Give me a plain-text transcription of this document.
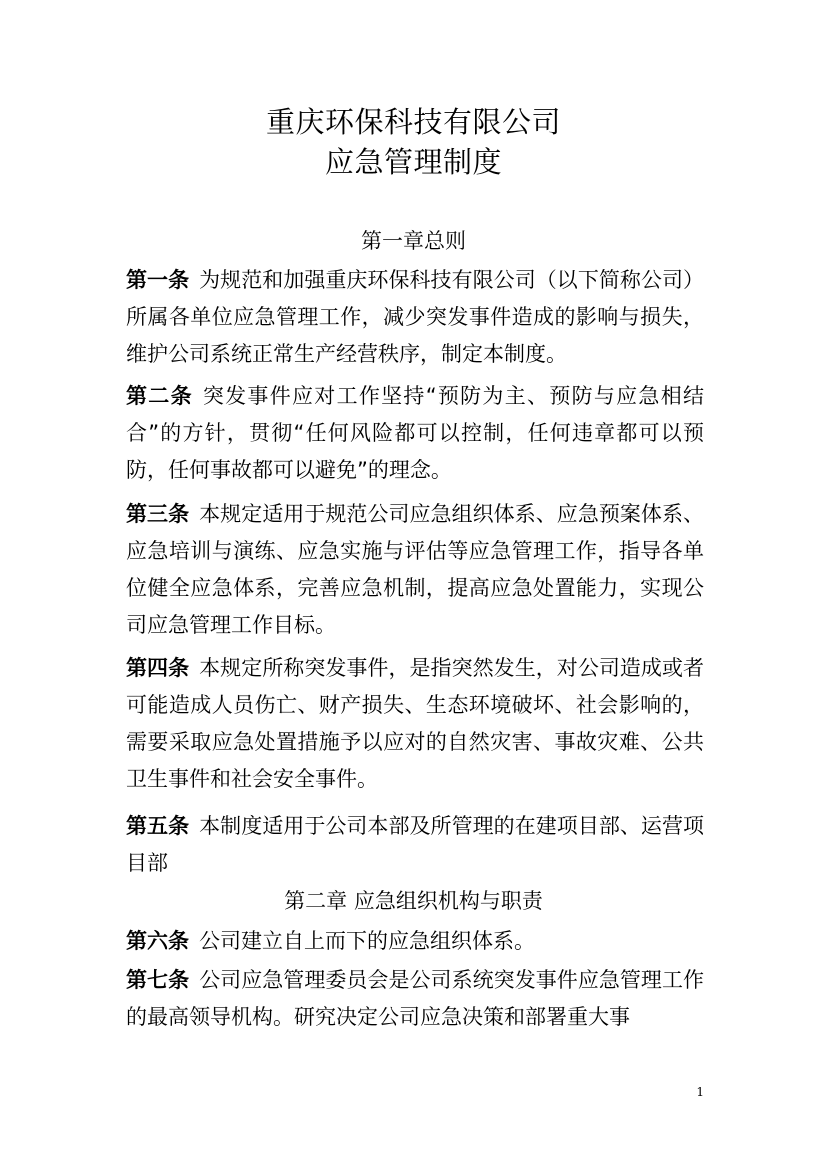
重庆环保科技有限公司
应急管理制度
第一章总则
第一条 为规范和加强重庆环保科技有限公司（以下简称公司）所属各单位应急管理工作，减少突发事件造成的影响与损失，维护公司系统正常生产经营秩序，制定本制度。
第二条 突发事件应对工作坚持“预防为主、预防与应急相结合”的方针，贯彻“任何风险都可以控制，任何违章都可以预防，任何事故都可以避免”的理念。
第三条 本规定适用于规范公司应急组织体系、应急预案体系、应急培训与演练、应急实施与评估等应急管理工作，指导各单位健全应急体系，完善应急机制，提高应急处置能力，实现公司应急管理工作目标。
第四条 本规定所称突发事件，是指突然发生，对公司造成或者可能造成人员伤亡、财产损失、生态环境破坏、社会影响的，需要采取应急处置措施予以应对的自然灾害、事故灾难、公共卫生事件和社会安全事件。
第五条 本制度适用于公司本部及所管理的在建项目部、运营项目部
第二章 应急组织机构与职责
第六条 公司建立自上而下的应急组织体系。
第七条 公司应急管理委员会是公司系统突发事件应急管理工作的最高领导机构。研究决定公司应急决策和部署重大事
1
